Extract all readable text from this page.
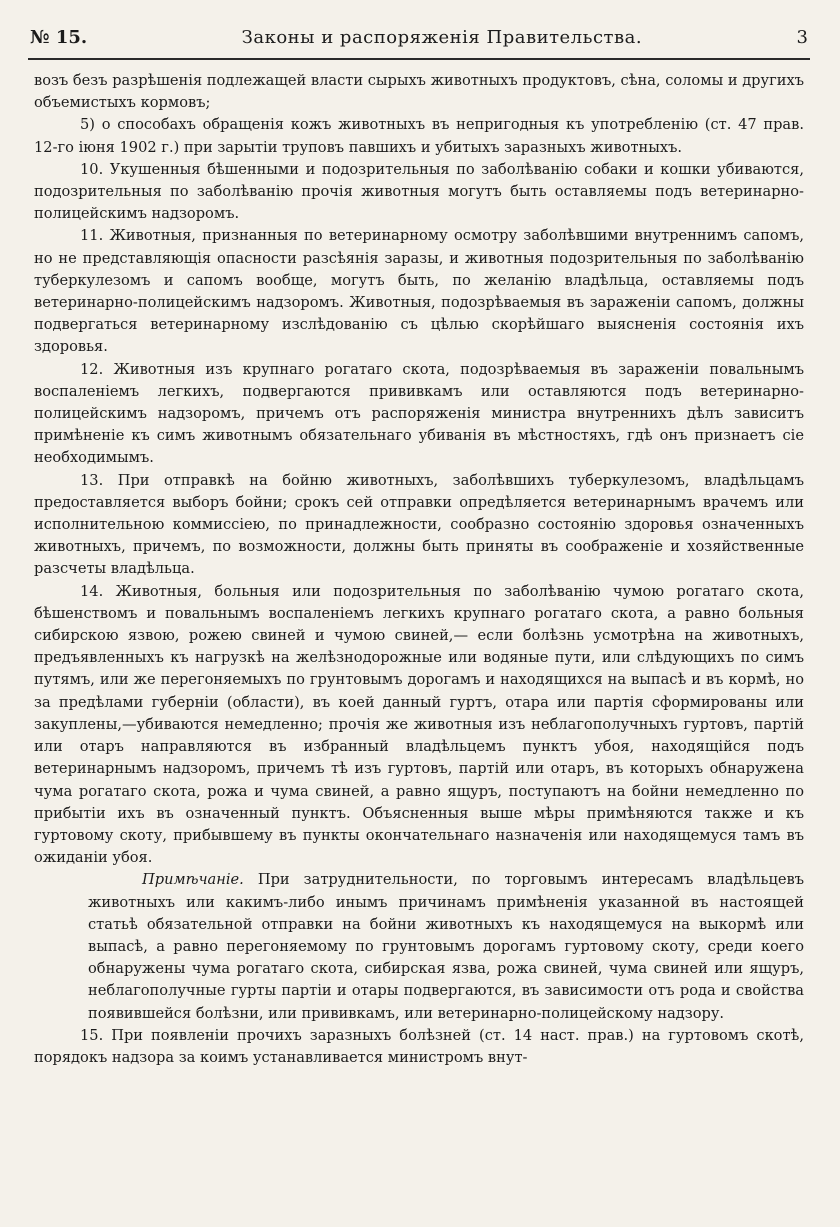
№ 15.	Законы и распоряженія Правительства.	3

возъ безъ разрѣшенія подлежащей власти сырыхъ животныхъ продуктовъ, сѣна, соломы и другихъ объемистыхъ кормовъ;

5) о способахъ обращенія кожъ животныхъ въ непригодныя къ употребленію (ст. 47 прав. 12-го іюня 1902 г.) при зарытіи труповъ павшихъ и убитыхъ заразныхъ животныхъ.

10. Укушенныя бѣшенными и подозрительныя по заболѣванію собаки и кошки убиваются, подозрительныя по заболѣванію прочія животныя могутъ быть оставляемы подъ ветеринарно-полицейскимъ надзоромъ.

11. Животныя, признанныя по ветеринарному осмотру заболѣвшими внутреннимъ сапомъ, но не представляющія опасности разсѣянія заразы, и животныя подозрительныя по заболѣванію туберкулезомъ и сапомъ вообще, могутъ быть, по желанію владѣльца, оставляемы подъ ветеринарно-полицейскимъ надзоромъ. Животныя, подозрѣваемыя въ зараженіи сапомъ, должны подвергаться ветеринарному изслѣдованію съ цѣлью скорѣйшаго выясненія состоянія ихъ здоровья.

12. Животныя изъ крупнаго рогатаго скота, подозрѣваемыя въ зараженіи повальнымъ воспаленіемъ легкихъ, подвергаются прививкамъ или оставляются подъ ветеринарно-полицейскимъ надзоромъ, причемъ отъ распоряженія министра внутреннихъ дѣлъ зависитъ примѣненіе къ симъ животнымъ обязательнаго убиванія въ мѣстностяхъ, гдѣ онъ признаетъ сіе необходимымъ.

13. При отправкѣ на бойню животныхъ, заболѣвшихъ туберкулезомъ, владѣльцамъ предоставляется выборъ бойни; срокъ сей отправки опредѣляется ветеринарнымъ врачемъ или исполнительною коммиссіею, по принадлежности, сообразно состоянію здоровья означенныхъ животныхъ, причемъ, по возможности, должны быть приняты въ соображеніе и хозяйственные разсчеты владѣльца.

14. Животныя, больныя или подозрительныя по заболѣванію чумою рогатаго скота, бѣшенствомъ и повальнымъ воспаленіемъ легкихъ крупнаго рогатаго скота, а равно больныя сибирскою язвою, рожею свиней и чумою свиней,— если болѣзнь усмотрѣна на животныхъ, предъявленныхъ къ нагрузкѣ на желѣзнодорожные или водяные пути, или слѣдующихъ по симъ путямъ, или же перегоняемыхъ по грунтовымъ дорогамъ и находящихся на выпасѣ и въ кормѣ, но за предѣлами губерніи (области), въ коей данный гуртъ, отара или партія сформированы или закуплены,—убиваются немедленно; прочія же животныя изъ неблагополучныхъ гуртовъ, партій или отаръ направляются въ избранный владѣльцемъ пунктъ убоя, находящійся подъ ветеринарнымъ надзоромъ, причемъ тѣ изъ гуртовъ, партій или отаръ, въ которыхъ обнаружена чума рогатаго скота, рожа и чума свиней, а равно ящуръ, поступаютъ на бойни немедленно по прибытіи ихъ въ означенный пунктъ. Объясненныя выше мѣры примѣняются также и къ гуртовому скоту, прибывшему въ пункты окончательнаго назначенія или находящемуся тамъ въ ожиданіи убоя.

Примѣчаніе. При затруднительности, по торговымъ интересамъ владѣльцевъ животныхъ или какимъ-либо инымъ причинамъ примѣненія указанной въ настоящей статьѣ обязательной отправки на бойни животныхъ къ находящемуся на выкормѣ или выпасѣ, а равно перегоняемому по грунтовымъ дорогамъ гуртовому скоту, среди коего обнаружены чума рогатаго скота, сибирская язва, рожа свиней, чума свиней или ящуръ, неблагополучные гурты партіи и отары подвергаются, въ зависимости отъ рода и свойства появившейся болѣзни, или прививкамъ, или ветеринарно-полицейскому надзору.

15. При появленіи прочихъ заразныхъ болѣзней (ст. 14 наст. прав.) на гуртовомъ скотѣ, порядокъ надзора за коимъ устанавливается министромъ внут-
